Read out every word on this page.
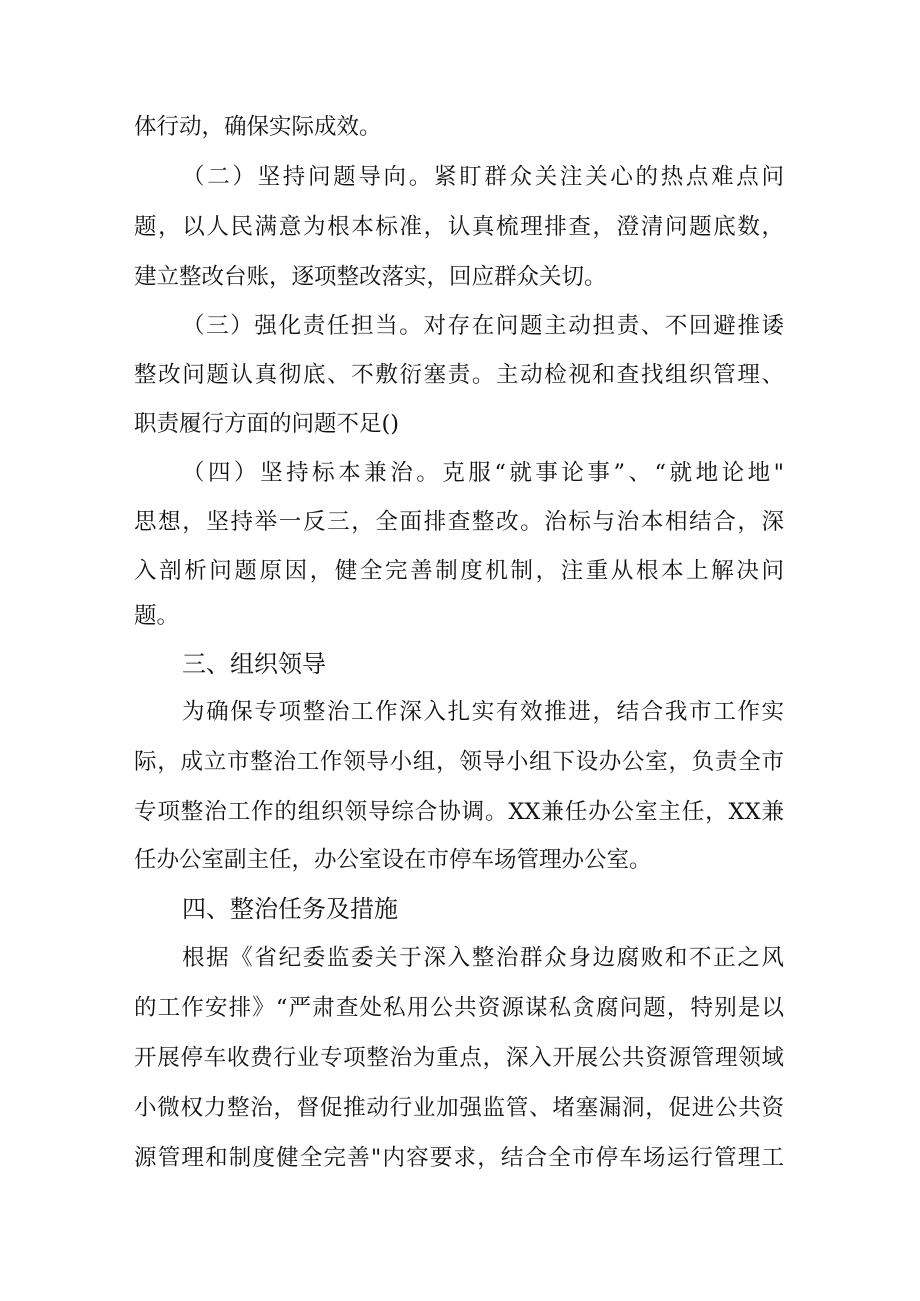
体行动，确保实际成效。
（二）坚持问题导向。紧盯群众关注关心的热点难点问
题，以人民满意为根本标准，认真梳理排查，澄清问题底数，
建立整改台账，逐项整改落实，回应群众关切。
（三）强化责任担当。对存在问题主动担责、不回避推诿
整改问题认真彻底、不敷衍塞责。主动检视和查找组织管理、
职责履行方面的问题不足()
（四）坚持标本兼治。克服“就事论事”、“就地论地"
思想，坚持举一反三，全面排查整改。治标与治本相结合，深
入剖析问题原因，健全完善制度机制，注重从根本上解决问
题。
三、组织领导
为确保专项整治工作深入扎实有效推进，结合我市工作实
际，成立市整治工作领导小组，领导小组下设办公室，负责全市
专项整治工作的组织领导综合协调。XX兼任办公室主任，XX兼
任办公室副主任，办公室设在市停车场管理办公室。
四、整治任务及措施
根据《省纪委监委关于深入整治群众身边腐败和不正之风
的工作安排》“严肃查处私用公共资源谋私贪腐问题，特别是以
开展停车收费行业专项整治为重点，深入开展公共资源管理领域
小微权力整治，督促推动行业加强监管、堵塞漏洞，促进公共资
源管理和制度健全完善"内容要求，结合全市停车场运行管理工
